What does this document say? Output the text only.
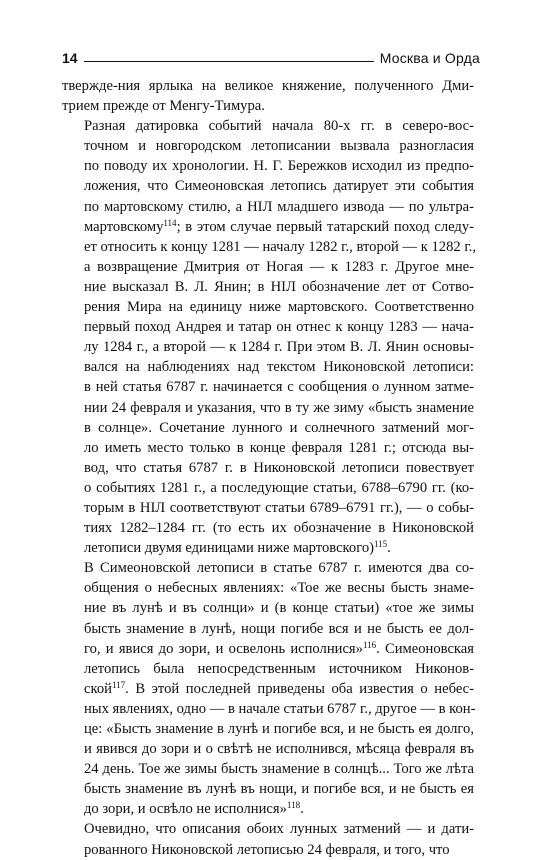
14	Москва и Орда
твержде-ния ярлыка на великое княжение, полученного Дми-
трием прежде от Менгу-Тимура.
Разная датировка событий начала 80-х гг. в северо-вос-
точном и новгородском летописании вызвала разногласия
по поводу их хронологии. Н. Г. Бережков исходил из предпо-
ложения, что Симеоновская летопись датирует эти события
по мартовскому стилю, а НIЛ младшего извода — по ультра-
мартовскому$^{114}$; в этом случае первый татарский поход следу-
ет относить к концу 1281 — началу 1282 г., второй — к 1282 г.,
а возвращение Дмитрия от Ногая — к 1283 г. Другое мне-
ние высказал В. Л. Янин; в НIЛ обозначение лет от Сотво-
рения Мира на единицу ниже мартовского. Соответственно
первый поход Андрея и татар он отнес к концу 1283 — нача-
лу 1284 г., а второй — к 1284 г. При этом В. Л. Янин основы-
вался на наблюдениях над текстом Никоновской летописи:
в ней статья 6787 г. начинается с сообщения о лунном затме-
нии 24 февраля и указания, что в ту же зиму «бысть знамение
в солнце». Сочетание лунного и солнечного затмений мог-
ло иметь место только в конце февраля 1281 г.; отсюда вы-
вод, что статья 6787 г. в Никоновской летописи повествует
о событиях 1281 г., а последующие статьи, 6788–6790 гг. (ко-
торым в НIЛ соответствуют статьи 6789–6791 гг.), — о собы-
тиях 1282–1284 гг. (то есть их обозначение в Никоновской
летописи двумя единицами ниже мартовского)$^{115}$.
В Симеоновской летописи в статье 6787 г. имеются два со-
общения о небесных явлениях: «Тое же весны бысть знаме-
ние въ лунѣ и въ солнци» и (в конце статьи) «тое же зимы
бысть знамение в лунѣ, нощи погибе вся и не бысть ее дол-
го, и явися до зори, и освелонь исполнися»$^{116}$. Симеоновская
летопись была непосредственным источником Никонов-
ской$^{117}$. В этой последней приведены оба известия о небес-
ных явлениях, одно — в начале статьи 6787 г., другое — в кон-
це: «Бысть знамение в лунѣ и погибе вся, и не бысть ея долго,
и явився до зори и о свѣтѣ не исполнився, мѣсяца февраля въ
24 день. Тое же зимы бысть знамение в солнцѣ... Того же лѣта
бысть знамение въ лунѣ въ нощи, и погибе вся, и не бысть ея
до зори, и освѣло не исполнися»$^{118}$.
Очевидно, что описания обоих лунных затмений — и дати-
рованного Никоновской летописью 24 февраля, и того, что
